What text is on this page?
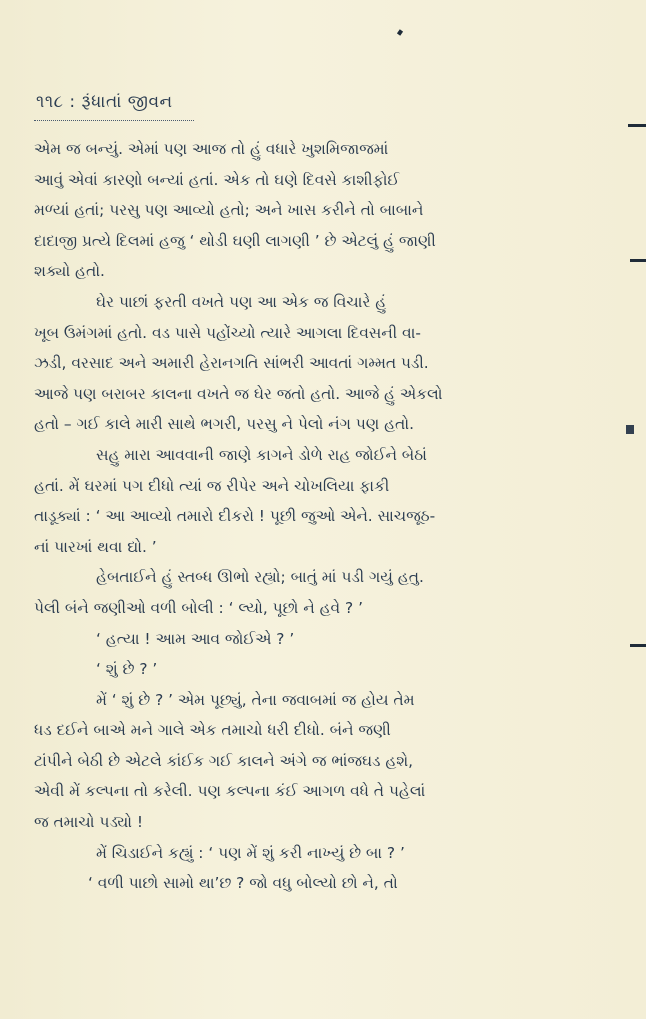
૧૧૮ : રૂંધાતાં જીવન

એમ જ બન્યું. એમાં પણ આજ તો હું વધારે ખુશમિજાજમાં
આવું એવાં કારણો બન્યાં હતાં. એક તો ઘણે દિવસે કાશીફોઈ
મળ્યાં હતાં; પરસુ પણ આવ્યો હતો; અને ખાસ કરીને તો બાબાને
દાદાજી પ્રત્યે દિલમાં હજુ ‘ થોડી ઘણી લાગણી ’ છે એટલું હું જાણી
શક્યો હતો.

ઘેર પાછાં ફરતી વખતે પણ આ એક જ વિચારે હું
ખૂબ ઉમંગમાં હતો. વડ પાસે પહોંચ્યો ત્યારે આગલા દિવસની વા-
ઝડી, વરસાદ અને અમારી હેરાનગતિ સાંભરી આવતાં ગમ્મત પડી.
આજે પણ બરાબર કાલના વખતે જ ઘેર જતો હતો. આજે હું એકલો
હતો – ગઈ કાલે મારી સાથે ભગરી, પરસુ ને પેલો નંગ પણ હતો.

સહુ મારા આવવાની જાણે કાગને ડોળે રાહ જોઈને બેઠાં
હતાં. મેં ઘરમાં પગ દીધો ત્યાં જ રીપેર અને ચોખલિયા ફાકી
તાડૂક્યાં : ‘ આ આવ્યો તમારો દીકરો ! પૂછી જુઓ એને. સાચજૂઠ-
નાં પારખાં થવા દ્યો. ’

હેબતાઈને હું સ્તબ્ધ ઊભો રહ્યો; બાતું માં પડી ગયું હતુ.
પેલી બંને જણીઓ વળી બોલી : ‘ લ્યો, પૂછો ને હવે ? ’

‘ હત્યા ! આમ આવ જોઈએ ? ’

‘ શું છે ? ’

મેં ‘ શું છે ? ’ એમ પૂછ્યું, તેના જવાબમાં જ હોય તેમ
ધડ દઈને બાએ મને ગાલે એક તમાચો ધરી દીધો. બંને જણી
ટાંપીને બેઠી છે એટલે કાંઈક ગઈ કાલને અંગે જ ભાંજઘડ હશે,
એવી મેં કલ્પના તો કરેલી. પણ કલ્પના કંઈ આગળ વધે તે પહેલાં
જ તમાચો પડ્યો !

મેં ચિડાઈને કહ્યું : ‘ પણ મેં શું કરી નાખ્યું છે બા ? ’
‘ વળી પાછો સામો થા’છ ? જો વધુ બોલ્યો છો ને, તો
